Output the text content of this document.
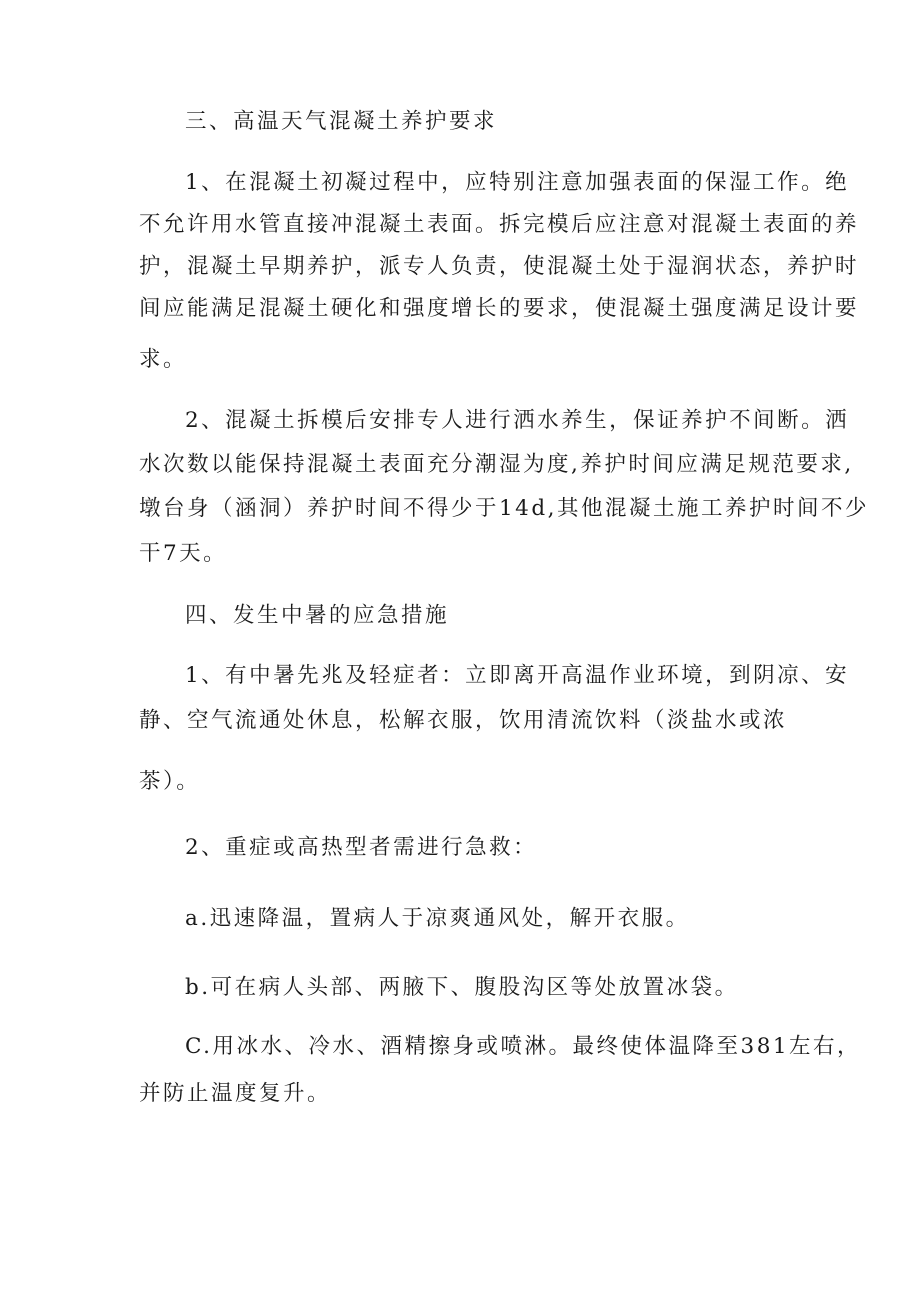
三、高温天气混凝土养护要求
1、在混凝土初凝过程中，应特别注意加强表面的保湿工作。绝
不允许用水管直接冲混凝土表面。拆完模后应注意对混凝土表面的养
护，混凝土早期养护，派专人负责，使混凝土处于湿润状态，养护时
间应能满足混凝土硬化和强度增长的要求，使混凝土强度满足设计要
求。
2、混凝土拆模后安排专人进行洒水养生，保证养护不间断。洒
水次数以能保持混凝土表面充分潮湿为度,养护时间应满足规范要求,
墩台身（涵洞）养护时间不得少于14d,其他混凝土施工养护时间不少
干7天。
四、发生中暑的应急措施
1、有中暑先兆及轻症者：立即离开高温作业环境，到阴凉、安
静、空气流通处休息，松解衣服，饮用清流饮料（淡盐水或浓
茶）。
2、重症或高热型者需进行急救：
a.迅速降温，置病人于凉爽通风处，解开衣服。
b.可在病人头部、两腋下、腹股沟区等处放置冰袋。
C.用冰水、冷水、酒精擦身或喷淋。最终使体温降至381左右，
并防止温度复升。
